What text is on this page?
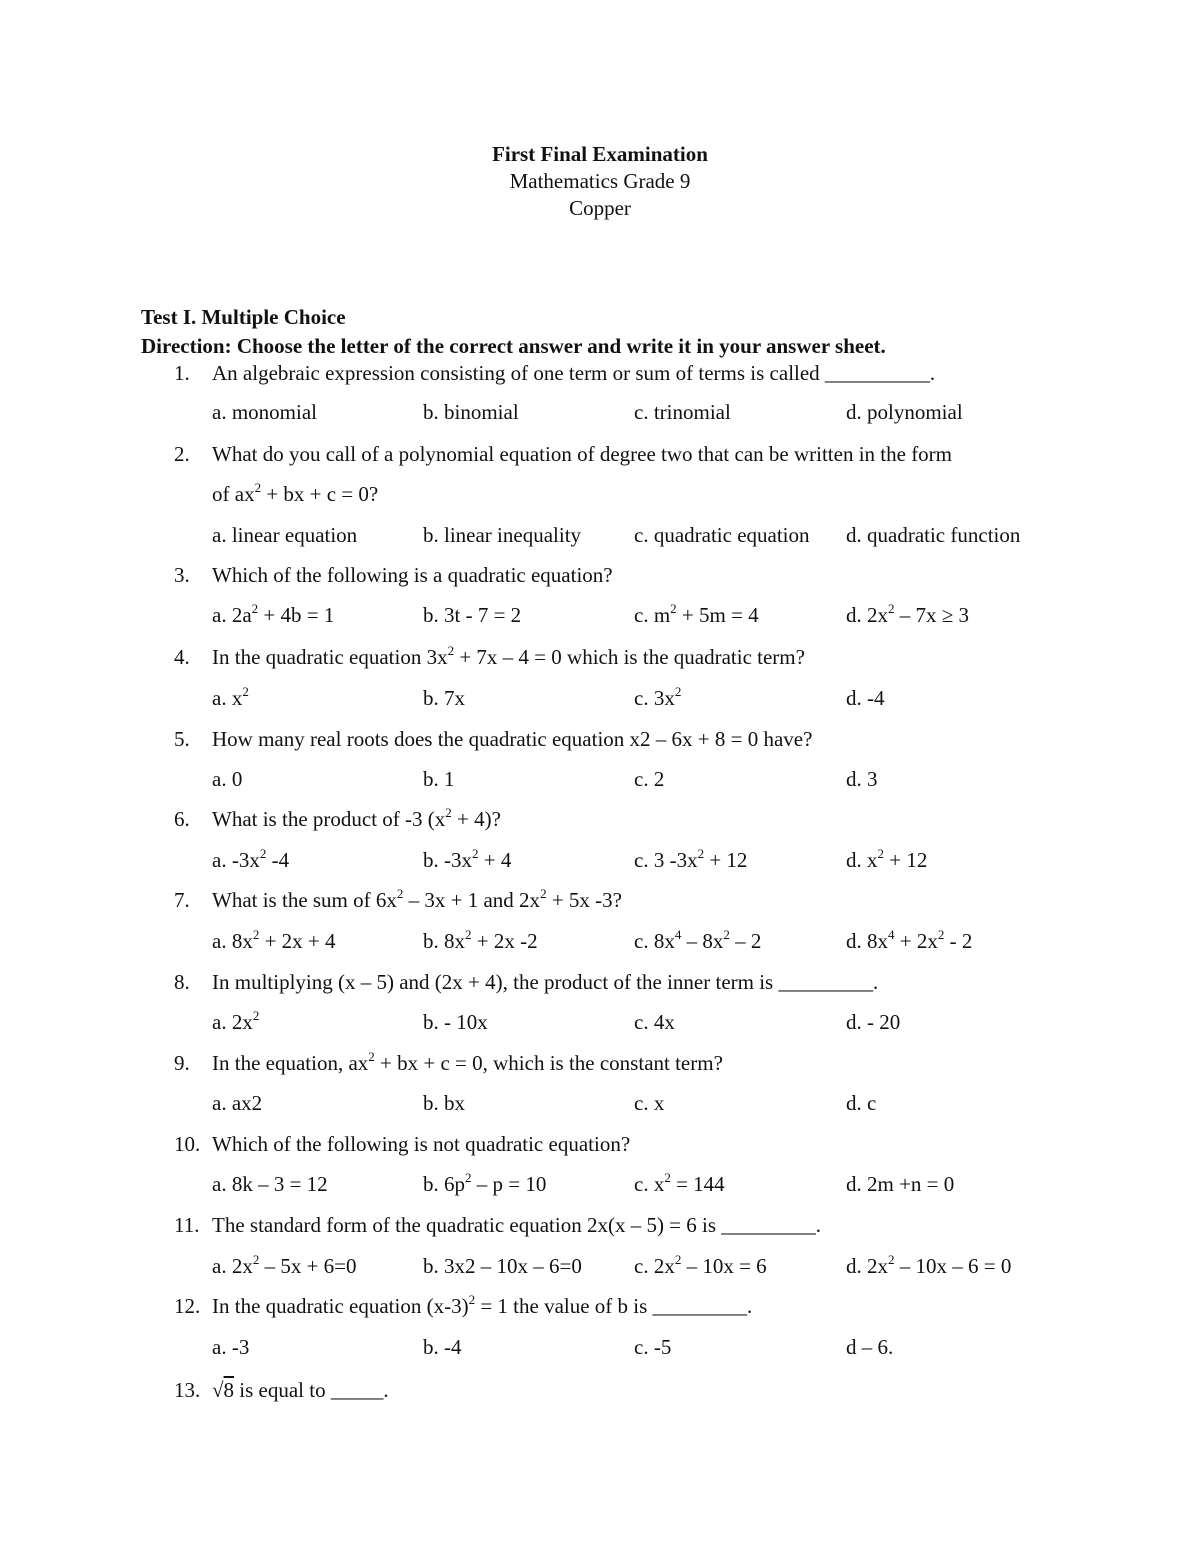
First Final Examination
Mathematics Grade 9
Copper
Test I. Multiple Choice
Direction: Choose the letter of the correct answer and write it in your answer sheet.
1. An algebraic expression consisting of one term or sum of terms is called __________.
a. monomial	b. binomial	c. trinomial	d. polynomial
2. What do you call of a polynomial equation of degree two that can be written in the form
of $ax^2$ + bx + c = 0?
a. linear equation	b. linear inequality	c. quadratic equation d. quadratic function
3. Which of the following is a quadratic equation?
a. $2a^2 + 4b = 1$	b. 3t - 7 = 2	c. $m^2 + 5m = 4$	d. $2x^2 - 7x \ge 3$
4. In the quadratic equation $3x^2 + 7x - 4 = 0$ which is the quadratic term?
a. $x^2$	b. 7x	c. $3x^2$	d. -4
5. How many real roots does the quadratic equation x2 – 6x + 8 = 0 have?
a. 0	b. 1	c. 2	d. 3
6. What is the product of -3 $(x^2 + 4)$?
a. $-3x^2$ -4	b. $-3x^2 + 4$	c. 3 $-3x^2 + 12$	d. $x^2 + 12$
7. What is the sum of $6x^2 - 3x + 1$ and $2x^2 + 5x$ -3?
a. $8x^2 + 2x + 4$	b. $8x^2 + 2x$ -2	c. $8x^4 - 8x^2 - 2$	d. $8x^4 + 2x^2 - 2$
8. In multiplying (x – 5) and (2x + 4), the product of the inner term is _________.
a. $2x^2$	b. - 10x	c. 4x	d. - 20
9. In the equation, $ax^2$ + bx + c = 0, which is the constant term?
a. ax2	b. bx	c. x	d. c
10. Which of the following is not quadratic equation?
a. 8k – 3 = 12	b. $6p^2 - p = 10$	c. $x^2 = 144$	d. 2m +n = 0
11. The standard form of the quadratic equation 2x(x – 5) = 6 is _________.
a. $2x^2 - 5x + 6=0$	b. 3x2 – 10x – 6=0 c. $2x^2 - 10x = 6$	d. $2x^2 - 10x - 6 = 0$
12. In the quadratic equation $(x-3)^2 = 1$ the value of b is _________.
a. -3	b. -4	c. -5	d – 6.
13. √8 is equal to _____.
